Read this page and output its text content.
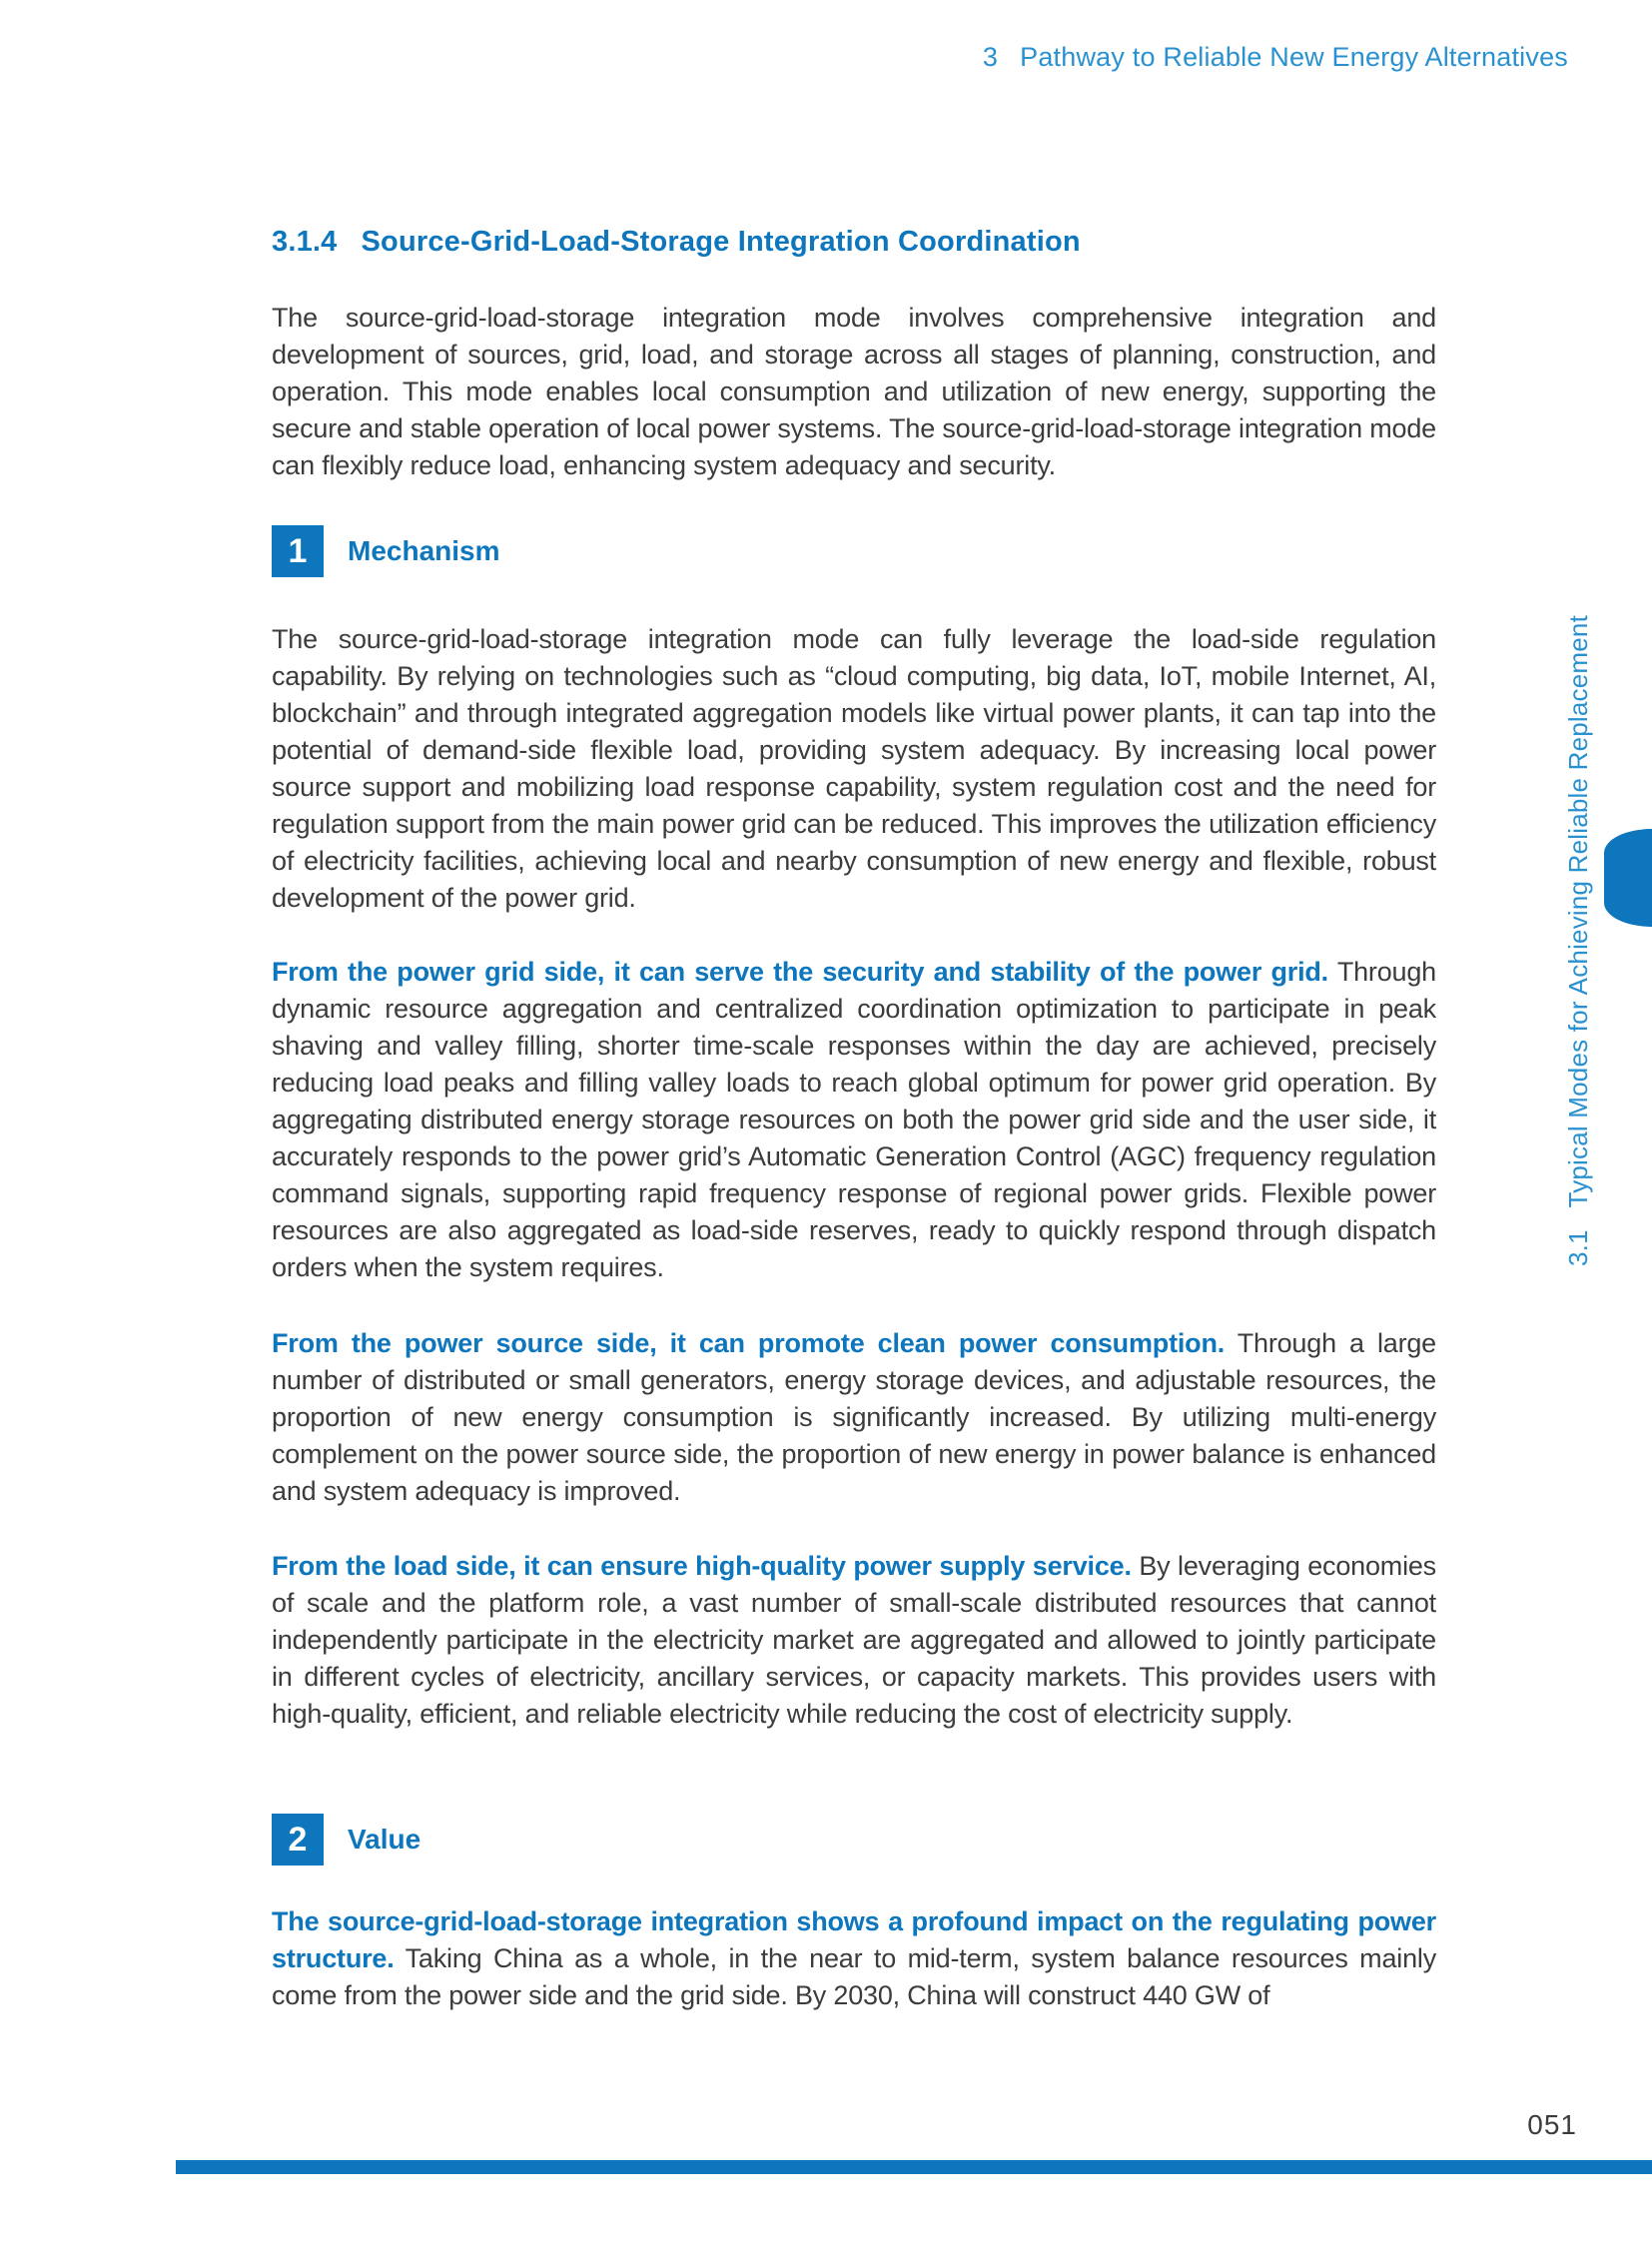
3 Pathway to Reliable New Energy Alternatives
3.1.4 Source-Grid-Load-Storage Integration Coordination

The source-grid-load-storage integration mode involves comprehensive integration and development of sources, grid, load, and storage across all stages of planning, construction, and operation. This mode enables local consumption and utilization of new energy, supporting the secure and stable operation of local power systems. The source-grid-load-storage integration mode can flexibly reduce load, enhancing system adequacy and security.

1	Mechanism

The source-grid-load-storage integration mode can fully leverage the load-side regulation capability. By relying on technologies such as “cloud computing, big data, IoT, mobile Internet, AI, blockchain” and through integrated aggregation models like virtual power plants, it can tap into the potential of demand-side flexible load, providing system adequacy. By increasing local power source support and mobilizing load response capability, system regulation cost and the need for regulation support from the main power grid can be reduced. This improves the utilization efficiency of electricity facilities, achieving local and nearby consumption of new energy and flexible, robust development of the power grid.

From the power grid side, it can serve the security and stability of the power grid. Through dynamic resource aggregation and centralized coordination optimization to participate in peak shaving and valley filling, shorter time-scale responses within the day are achieved, precisely reducing load peaks and filling valley loads to reach global optimum for power grid operation. By aggregating distributed energy storage resources on both the power grid side and the user side, it accurately responds to the power grid’s Automatic Generation Control (AGC) frequency regulation command signals, supporting rapid frequency response of regional power grids. Flexible power resources are also aggregated as load-side reserves, ready to quickly respond through dispatch orders when the system requires.

From the power source side, it can promote clean power consumption. Through a large number of distributed or small generators, energy storage devices, and adjustable resources, the proportion of new energy consumption is significantly increased. By utilizing multi-energy complement on the power source side, the proportion of new energy in power balance is enhanced and system adequacy is improved.

From the load side, it can ensure high-quality power supply service. By leveraging economies of scale and the platform role, a vast number of small-scale distributed resources that cannot independently participate in the electricity market are aggregated and allowed to jointly participate in different cycles of electricity, ancillary services, or capacity markets. This provides users with high-quality, efficient, and reliable electricity while reducing the cost of electricity supply.

2	Value

The source-grid-load-storage integration shows a profound impact on the regulating power structure. Taking China as a whole, in the near to mid-term, system balance resources mainly come from the power side and the grid side. By 2030, China will construct 440 GW of

3.1   Typical Modes for Achieving Reliable Replacement
051
